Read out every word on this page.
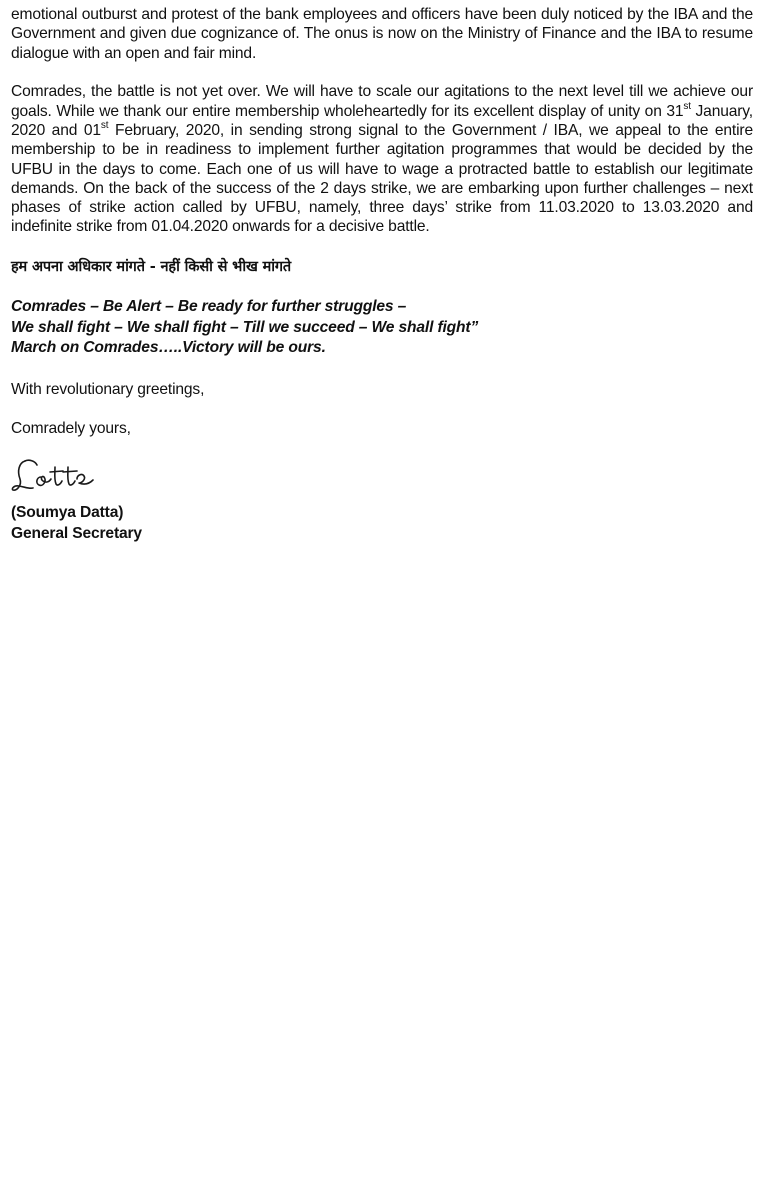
emotional outburst and protest of the bank employees and officers have been duly noticed by the IBA and the Government and given due cognizance of. The onus is now on the Ministry of Finance and the IBA to resume dialogue with an open and fair mind.

Comrades, the battle is not yet over. We will have to scale our agitations to the next level till we achieve our goals. While we thank our entire membership wholeheartedly for its excellent display of unity on 31st January, 2020 and 01st February, 2020, in sending strong signal to the Government / IBA, we appeal to the entire membership to be in readiness to implement further agitation programmes that would be decided by the UFBU in the days to come. Each one of us will have to wage a protracted battle to establish our legitimate demands. On the back of the success of the 2 days strike, we are embarking upon further challenges – next phases of strike action called by UFBU, namely, three days’ strike from 11.03.2020 to 13.03.2020 and indefinite strike from 01.04.2020 onwards for a decisive battle.

हम अपना अधिकार मांगते - नहीं किसी से भीख मांगते
Comrades – Be Alert – Be ready for further struggles –
We shall fight – We shall fight – Till we succeed – We shall fight”
March on Comrades…..Victory will be ours.
With revolutionary greetings,
Comradely yours,
(Soumya Datta)
General Secretary
